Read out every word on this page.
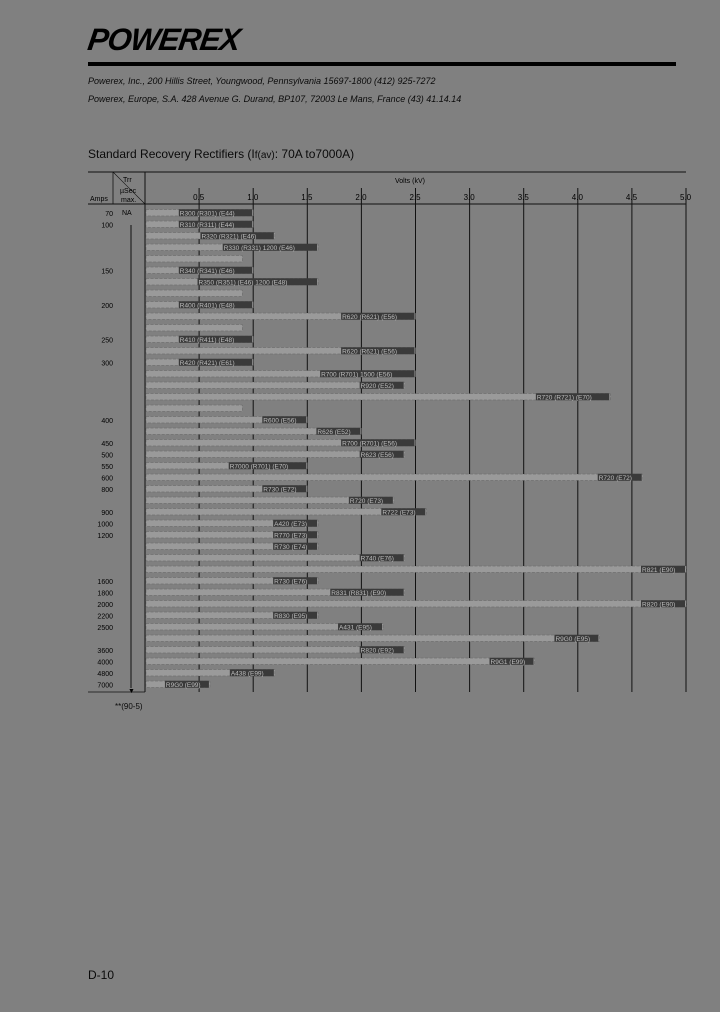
POWEREX
Powerex, Inc., 200 Hillis Street, Youngwood, Pennsylvania 15697-1800 (412) 925-7272
Powerex, Europe, S.A. 428 Avenue G. Durand, BP107, 72003 Le Mans, France (43) 41.14.14
Standard Recovery Rectifiers (If(av): 70A to7000A)
Amps
Trr
µSec
max.
Volts (kV)
0.5	1.0	1.5	2.0	2.5	3.0	3.5	4.0	4.5	5.0
NA
▼
70	R300 (R301) (E44)
100	R310 (R311) (E44)
R320 (R321) (E46)
R330 (R331) 1200 (E46)
150	R340 (R341) (E46)
R350 (R351) (E46) 1200 (E48)
200	R400 (R401) (E48)
R620 (R621) (E56)
250	R410 (R411) (E48)
R620 (R621) (E56)
300	R420 (R421) (E61)
R700 (R701) 1500 (E56)
R920 (E52)
R720 (R721) (E70)
400	R600 (E56)
R626 (E52)
450	R700 (R701) (E56)
500	R623 (E56)
550	R7000 (R701) (E70)
600	R720 (E72)
800	R730 (E72)
R720 (E73)
900	R722 (E73)
1000	A420 (E73)
1200	R770 (E73)
R730 (E74)
R740 (E76)
R821 (E90)
1600	R730 (E76)
1800	R831 (R831) (E90)
2000	R820 (E90)
2200	R830 (E95)
2500	A431 (E95)
R9G0 (E95)
3600	R820 (E92)
4000	R9G1 (E99)
4800	A438 (E99)
7000	R9G0 (E99)
**(90-5)
D-10
